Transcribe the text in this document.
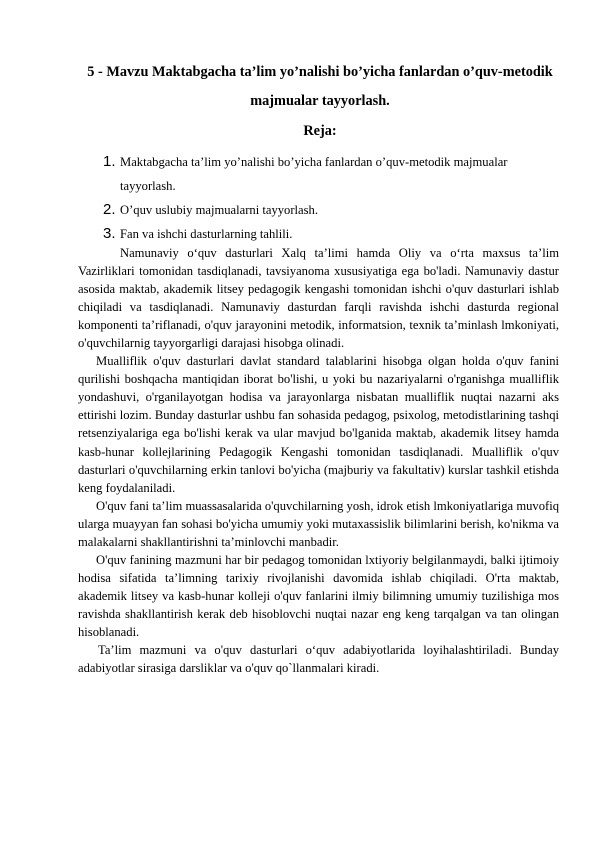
5 - Mavzu Maktabgacha ta’lim yo’nalishi bo’yicha fanlardan o’quv-metodik majmualar tayyorlash.
Reja:
1. Maktabgacha ta’lim yo’nalishi bo’yicha fanlardan o’quv-metodik majmualar tayyorlash.
2. O’quv uslubiy majmualarni tayyorlash.
3. Fan va ishchi dasturlarning tahlili.

Namunaviy o‘quv dasturlari Xalq ta’limi hamda Oliy va o‘rta maxsus ta’lim Vazirliklari tomonidan tasdiqlanadi, tavsiyanoma xususiyatiga ega bo'ladi. Namunaviy dastur asosida maktab, akademik litsey pedagogik kengashi tomonidan ishchi o'quv dasturlari ishlab chiqiladi va tasdiqlanadi. Namunaviy dasturdan farqli ravishda ishchi dasturda regional komponenti ta’riflanadi, o'quv jarayonini metodik, informatsion, texnik ta’minlash lmkoniyati, o'quvchilarnig tayyorgarligi darajasi hisobga olinadi.

Mualliflik o'quv dasturlari davlat standard talablarini hisobga olgan holda o'quv fanini qurilishi boshqacha mantiqidan iborat bo'lishi, u yoki bu nazariyalarni o'rganishga mualliflik yondashuvi, o'rganilayotgan hodisa va jarayonlarga nisbatan mualliflik nuqtai nazarni aks ettirishi lozim. Bunday dasturlar ushbu fan sohasida pedagog, psixolog, metodistlarining tashqi retsenziyalariga ega bo'lishi kerak va ular mavjud bo'lganida maktab, akademik litsey hamda kasb-hunar kollejlarining Pedagogik Kengashi tomonidan tasdiqlanadi. Mualliflik o'quv dasturlari o'quvchilarning erkin tanlovi bo'yicha (majburiy va fakultativ) kurslar tashkil etishda keng foydalaniladi.

O'quv fani ta’lim muassasalarida o'quvchilarning yosh, idrok etish lmkoniyatlariga muvofiq ularga muayyan fan sohasi bo'yicha umumiy yoki mutaxassislik bilimlarini berish, ko'nikma va malakalarni shakllantirishni ta’minlovchi manbadir.

O'quv fanining mazmuni har bir pedagog tomonidan lxtiyoriy belgilanmaydi, balki ijtimoiy hodisa sifatida ta’limning tarixiy rivojlanishi davomida ishlab chiqiladi. O'rta maktab, akademik litsey va kasb-hunar kolleji o'quv fanlarini ilmiy bilimning umumiy tuzilishiga mos ravishda shakllantirish kerak deb hisoblovchi nuqtai nazar eng keng tarqalgan va tan olingan hisoblanadi.

Ta’lim mazmuni va o'quv dasturlari o‘quv adabiyotlarida loyihalashtiriladi. Bunday adabiyotlar sirasiga darsliklar va o'quv qo`llanmalari kiradi.
